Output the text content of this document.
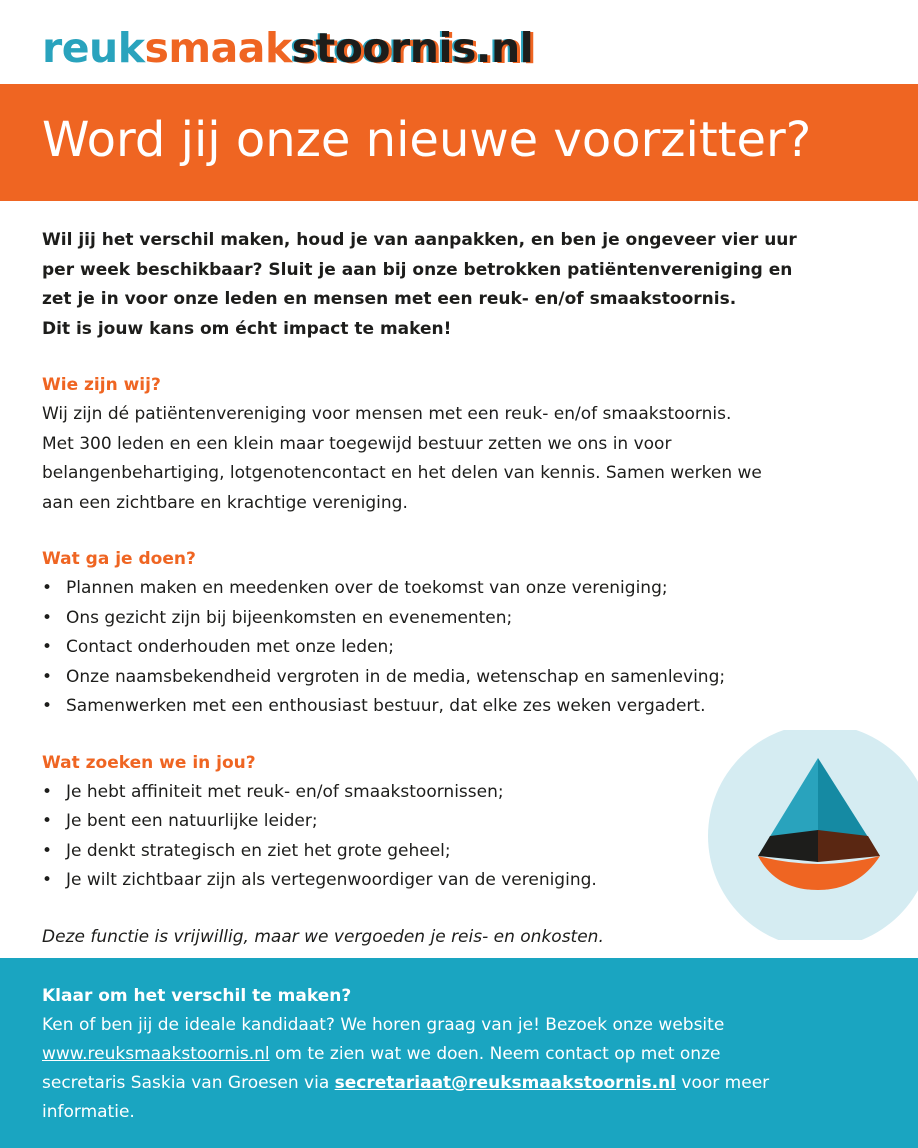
reuksmaakstoornis.nl
Word jij onze nieuwe voorzitter?

Wil jij het verschil maken, houd je van aanpakken, en ben je ongeveer vier uur
per week beschikbaar? Sluit je aan bij onze betrokken patiëntenvereniging en
zet je in voor onze leden en mensen met een reuk- en/of smaakstoornis.
Dit is jouw kans om écht impact te maken!

Wie zijn wij?

Wij zijn dé patiëntenvereniging voor mensen met een reuk- en/of smaakstoornis.
Met 300 leden en een klein maar toegewijd bestuur zetten we ons in voor
belangenbehartiging, lotgenotencontact en het delen van kennis. Samen werken we
aan een zichtbare en krachtige vereniging.

Wat ga je doen?
• Plannen maken en meedenken over de toekomst van onze vereniging;
• Ons gezicht zijn bij bijeenkomsten en evenementen;
• Contact onderhouden met onze leden;
• Onze naamsbekendheid vergroten in de media, wetenschap en samenleving;
• Samenwerken met een enthousiast bestuur, dat elke zes weken vergadert.
Wat zoeken we in jou?
• Je hebt affiniteit met reuk- en/of smaakstoornissen;
• Je bent een natuurlijke leider;
• Je denkt strategisch en ziet het grote geheel;
• Je wilt zichtbaar zijn als vertegenwoordiger van de vereniging.

Deze functie is vrijwillig, maar we vergoeden je reis- en onkosten.

Klaar om het verschil te maken?

Ken of ben jij de ideale kandidaat? We horen graag van je! Bezoek onze website
www.reuksmaakstoornis.nl om te zien wat we doen. Neem contact op met onze
secretaris Saskia van Groesen via secretariaat@reuksmaakstoornis.nl voor meer
informatie.
